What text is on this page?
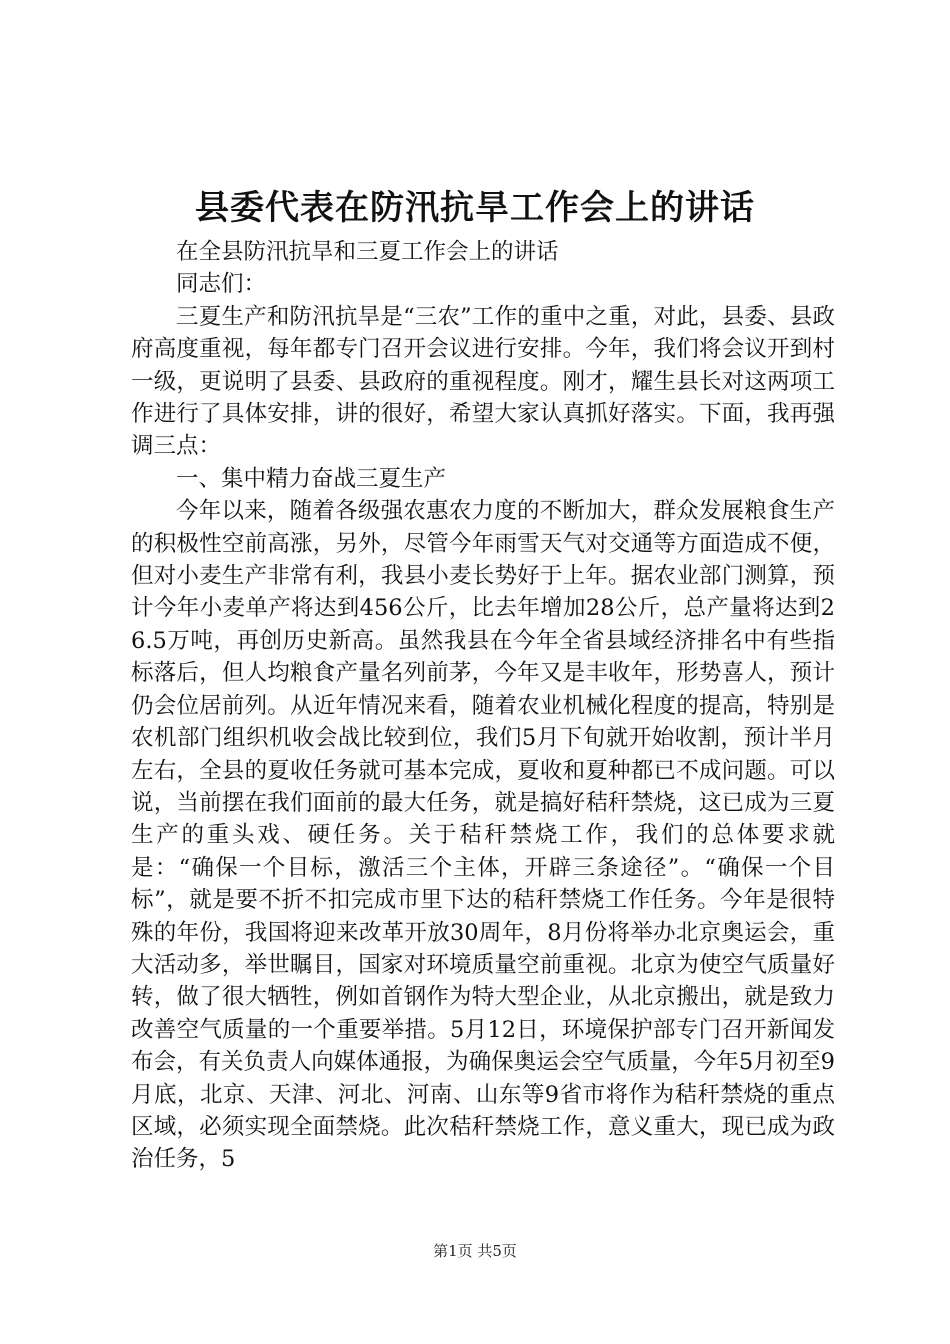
县委代表在防汛抗旱工作会上的讲话

在全县防汛抗旱和三夏工作会上的讲话

同志们：

三夏生产和防汛抗旱是“三农”工作的重中之重，对此，县委、县政府高度重视，每年都专门召开会议进行安排。今年，我们将会议开到村一级，更说明了县委、县政府的重视程度。刚才，耀生县长对这两项工作进行了具体安排，讲的很好，希望大家认真抓好落实。下面，我再强调三点：

一、集中精力奋战三夏生产

今年以来，随着各级强农惠农力度的不断加大，群众发展粮食生产的积极性空前高涨，另外，尽管今年雨雪天气对交通等方面造成不便，但对小麦生产非常有利，我县小麦长势好于上年。据农业部门测算，预计今年小麦单产将达到456公斤，比去年增加28公斤，总产量将达到26.5万吨，再创历史新高。虽然我县在今年全省县域经济排名中有些指标落后，但人均粮食产量名列前茅，今年又是丰收年，形势喜人，预计仍会位居前列。从近年情况来看，随着农业机械化程度的提高，特别是农机部门组织机收会战比较到位，我们5月下旬就开始收割，预计半月左右，全县的夏收任务就可基本完成，夏收和夏种都已不成问题。可以说，当前摆在我们面前的最大任务，就是搞好秸秆禁烧，这已成为三夏生产的重头戏、硬任务。关于秸秆禁烧工作，我们的总体要求就是：“确保一个目标，激活三个主体，开辟三条途径”。“确保一个目标”，就是要不折不扣完成市里下达的秸秆禁烧工作任务。今年是很特殊的年份，我国将迎来改革开放30周年，8月份将举办北京奥运会，重大活动多，举世瞩目，国家对环境质量空前重视。北京为使空气质量好转，做了很大牺牲，例如首钢作为特大型企业，从北京搬出，就是致力改善空气质量的一个重要举措。5月12日，环境保护部专门召开新闻发布会，有关负责人向媒体通报，为确保奥运会空气质量，今年5月初至9月底，北京、天津、河北、河南、山东等9省市将作为秸秆禁烧的重点区域，必须实现全面禁烧。此次秸秆禁烧工作，意义重大，现已成为政治任务，5

第1页 共5页
